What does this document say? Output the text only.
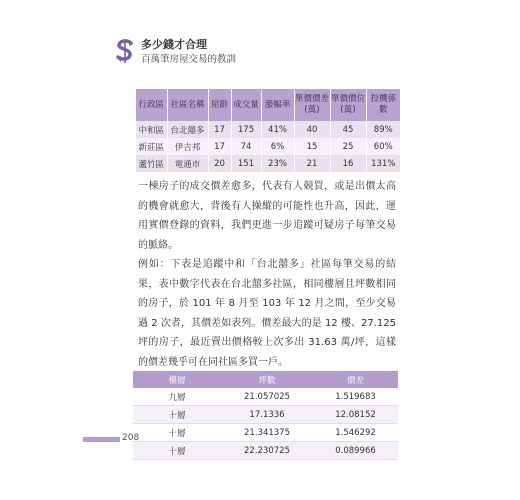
多少錢才合理
百萬筆房屋交易的教訓
行政區	社區名稱	屋齡	成交量	漲幅率	單價價差(萬)	單價價位(萬)	投機係數
中和區	台北囍多	17	175	41%	40	45	89%
新莊區	伊吉邦	17	74	6%	15	25	60%
蘆竹區	電通市	20	151	23%	21	16	131%
一棟房子的成交價差愈多，代表有人競買，或是出價太高的機會就愈大，背後有人操縱的可能性也升高，因此，運用實價登錄的資料，我們更進一步追蹤可疑房子每筆交易的脈絡。
例如：下表是追蹤中和「台北囍多」社區每筆交易的結果，表中數字代表在台北囍多社區，相同樓層且坪數相同的房子，於 101 年 8 月至 103 年 12 月之間，至少交易過 2 次者，其價差如表列。價差最大的是 12 樓、27.125 坪的房子，最近賣出價格較上次多出 31.63 萬/坪，這樣的價差幾乎可在同社區多買一戶。
樓層	坪數	價差
九層	21.057025	1.519683
十層	17.1336	12.08152
十層	21.341375	1.546292
十層	22.230725	0.089966
208
